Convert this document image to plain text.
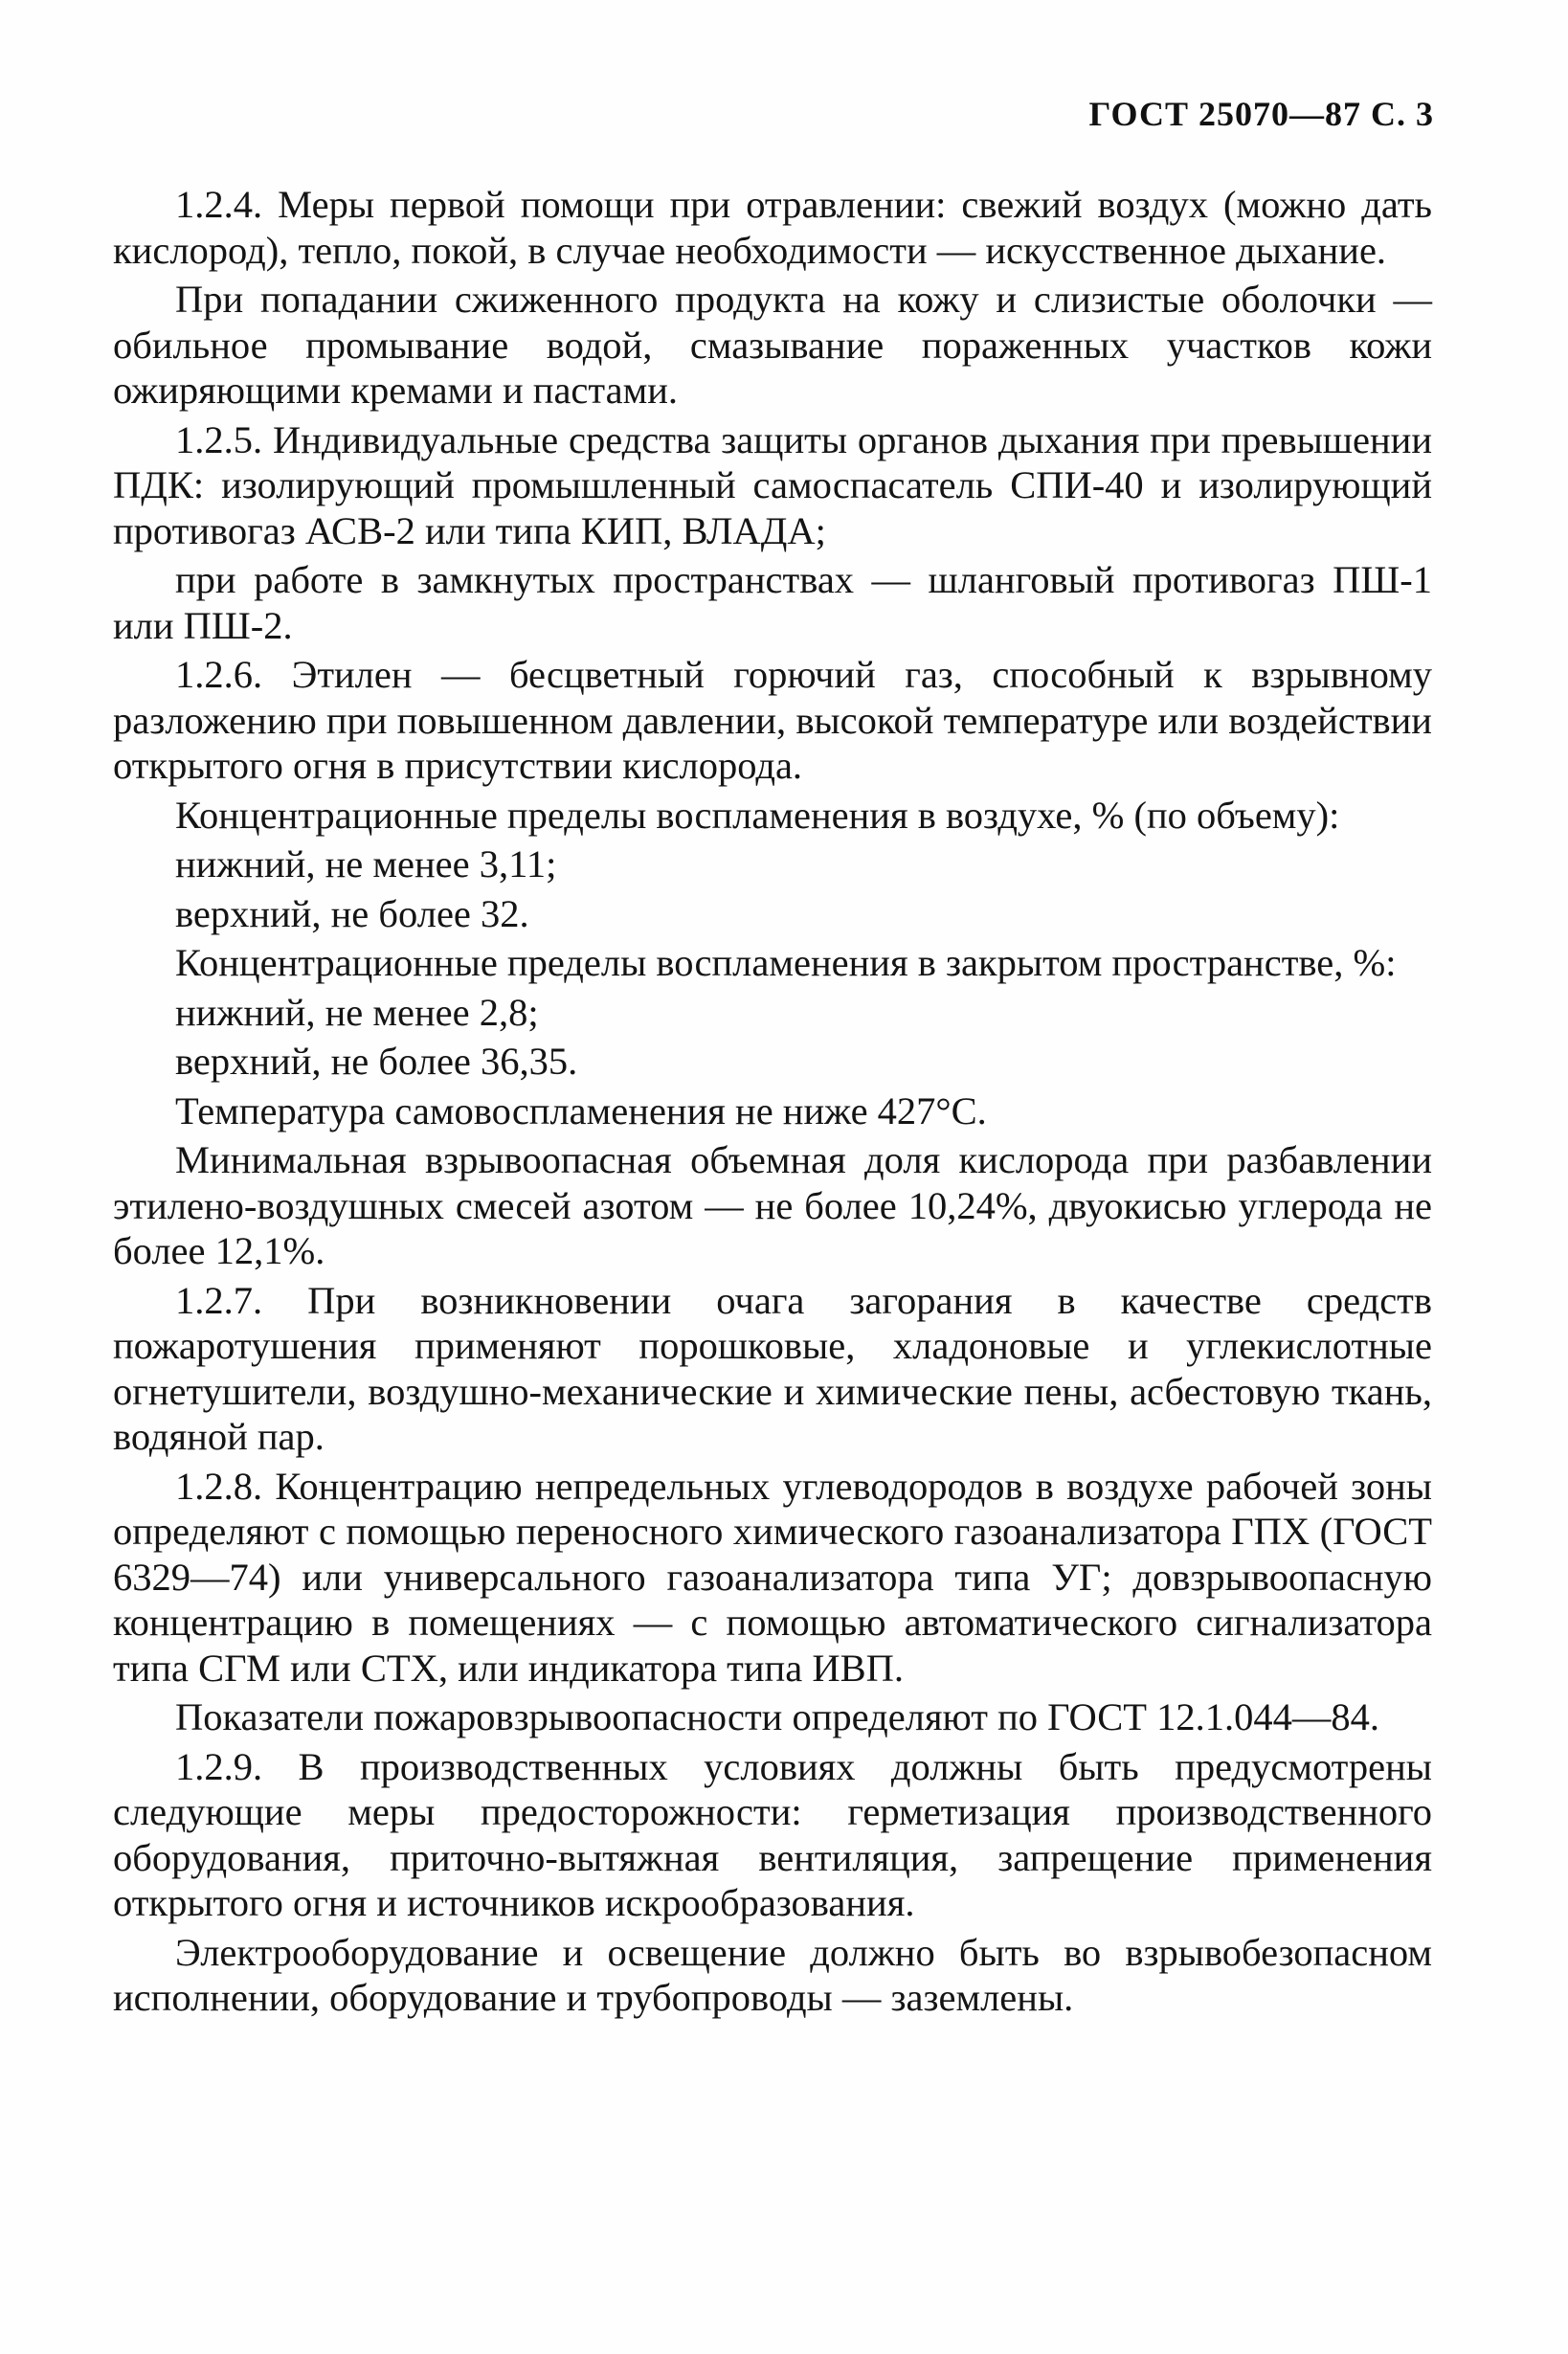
ГОСТ 25070—87 С. 3

1.2.4. Меры первой помощи при отравлении: свежий воздух (можно дать кислород), тепло, покой, в случае необходимости — искусственное дыхание.

При попадании сжиженного продукта на кожу и слизистые оболочки — обильное промывание водой, смазывание пораженных участков кожи ожиряющими кремами и пастами.

1.2.5. Индивидуальные средства защиты органов дыхания при превышении ПДК: изолирующий промышленный самоспасатель СПИ-40 и изолирующий противогаз АСВ-2 или типа КИП, ВЛАДА;

при работе в замкнутых пространствах — шланговый противогаз ПШ-1 или ПШ-2.

1.2.6. Этилен — бесцветный горючий газ, способный к взрывному разложению при повышенном давлении, высокой температуре или воздействии открытого огня в присутствии кислорода.

Концентрационные пределы воспламенения в воздухе, % (по объему):

нижний, не менее 3,11;

верхний, не более 32.

Концентрационные пределы воспламенения в закрытом пространстве, %:

нижний, не менее 2,8;

верхний, не более 36,35.

Температура самовоспламенения не ниже 427°С.

Минимальная взрывоопасная объемная доля кислорода при разбавлении этилено-воздушных смесей азотом — не более 10,24%, двуокисью углерода не более 12,1%.

1.2.7. При возникновении очага загорания в качестве средств пожаротушения применяют порошковые, хладоновые и углекислотные огнетушители, воздушно-механические и химические пены, асбестовую ткань, водяной пар.

1.2.8. Концентрацию непредельных углеводородов в воздухе рабочей зоны определяют с помощью переносного химического газоанализатора ГПХ (ГОСТ 6329—74) или универсального газоанализатора типа УГ; довзрывоопасную концентрацию в помещениях — с помощью автоматического сигнализатора типа СГМ или СТХ, или индикатора типа ИВП.

Показатели пожаровзрывоопасности определяют по ГОСТ 12.1.044—84.

1.2.9. В производственных условиях должны быть предусмотрены следующие меры предосторожности: герметизация производственного оборудования, приточно-вытяжная вентиляция, запрещение применения открытого огня и источников искрообразования.

Электрооборудование и освещение должно быть во взрывобезопасном исполнении, оборудование и трубопроводы — заземлены.
